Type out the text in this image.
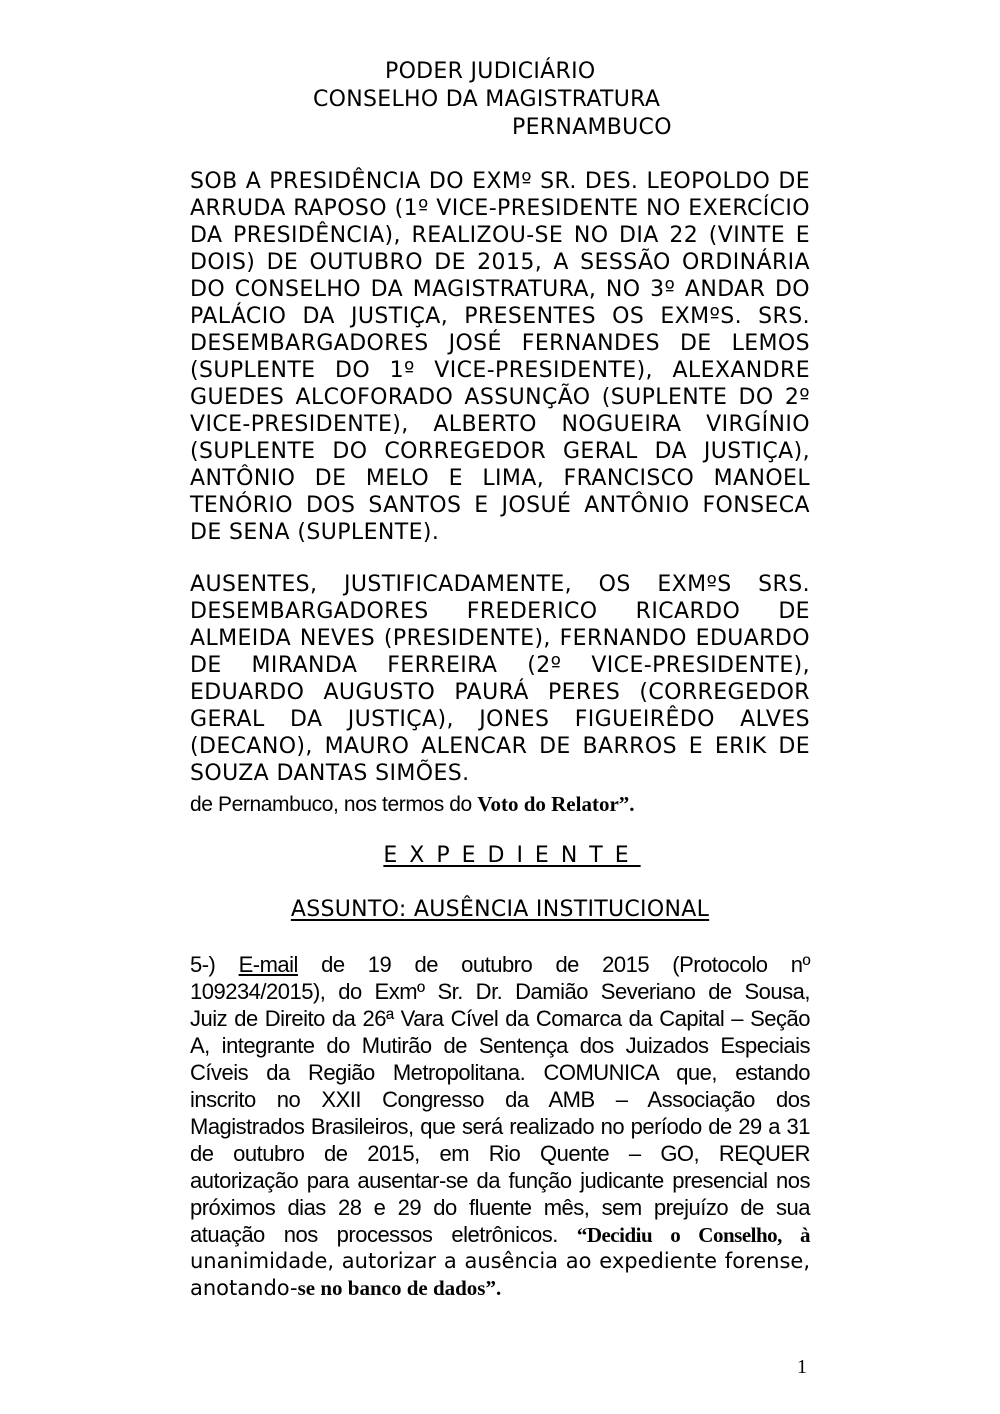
PODER JUDICIÁRIO
CONSELHO DA MAGISTRATURA
PERNAMBUCO
SOB A PRESIDÊNCIA DO EXMº SR. DES. LEOPOLDO DE ARRUDA RAPOSO (1º VICE-PRESIDENTE NO EXERCÍCIO DA PRESIDÊNCIA), REALIZOU-SE NO DIA 22 (VINTE E DOIS) DE OUTUBRO DE 2015, A SESSÃO ORDINÁRIA DO CONSELHO DA MAGISTRATURA, NO 3º ANDAR DO PALÁCIO DA JUSTIÇA, PRESENTES OS EXMºS. SRS. DESEMBARGADORES JOSÉ FERNANDES DE LEMOS (SUPLENTE DO 1º VICE-PRESIDENTE), ALEXANDRE GUEDES ALCOFORADO ASSUNÇÃO (SUPLENTE DO 2º VICE-PRESIDENTE), ALBERTO NOGUEIRA VIRGÍNIO (SUPLENTE DO CORREGEDOR GERAL DA JUSTIÇA), ANTÔNIO DE MELO E LIMA, FRANCISCO MANOEL TENÓRIO DOS SANTOS E JOSUÉ ANTÔNIO FONSECA DE SENA (SUPLENTE).
AUSENTES, JUSTIFICADAMENTE, OS EXMºS SRS. DESEMBARGADORES FREDERICO RICARDO DE ALMEIDA NEVES (PRESIDENTE), FERNANDO EDUARDO DE MIRANDA FERREIRA (2º VICE-PRESIDENTE), EDUARDO AUGUSTO PAURÁ PERES (CORREGEDOR GERAL DA JUSTIÇA), JONES FIGUEIRÊDO ALVES (DECANO), MAURO ALENCAR DE BARROS E ERIK DE SOUZA DANTAS SIMÕES.
de Pernambuco, nos termos do Voto do Relator”.
EXPEDIENTE
ASSUNTO: AUSÊNCIA INSTITUCIONAL
5-) E-mail de 19 de outubro de 2015 (Protocolo nº
109234/2015), do Exmº Sr. Dr. Damião Severiano de Sousa,
Juiz de Direito da 26ª Vara Cível da Comarca da Capital – Seção
A, integrante do Mutirão de Sentença dos Juizados Especiais
Cíveis da Região Metropolitana. COMUNICA que, estando
inscrito no XXII Congresso da AMB – Associação dos
Magistrados Brasileiros, que será realizado no período de 29 a 31
de outubro de 2015, em Rio Quente – GO, REQUER
autorização para ausentar-se da função judicante presencial nos
próximos dias 28 e 29 do fluente mês, sem prejuízo de sua
atuação nos processos eletrônicos. “Decidiu o Conselho, à
unanimidade, autorizar a ausência ao expediente forense,
anotando-se no banco de dados”.
1
